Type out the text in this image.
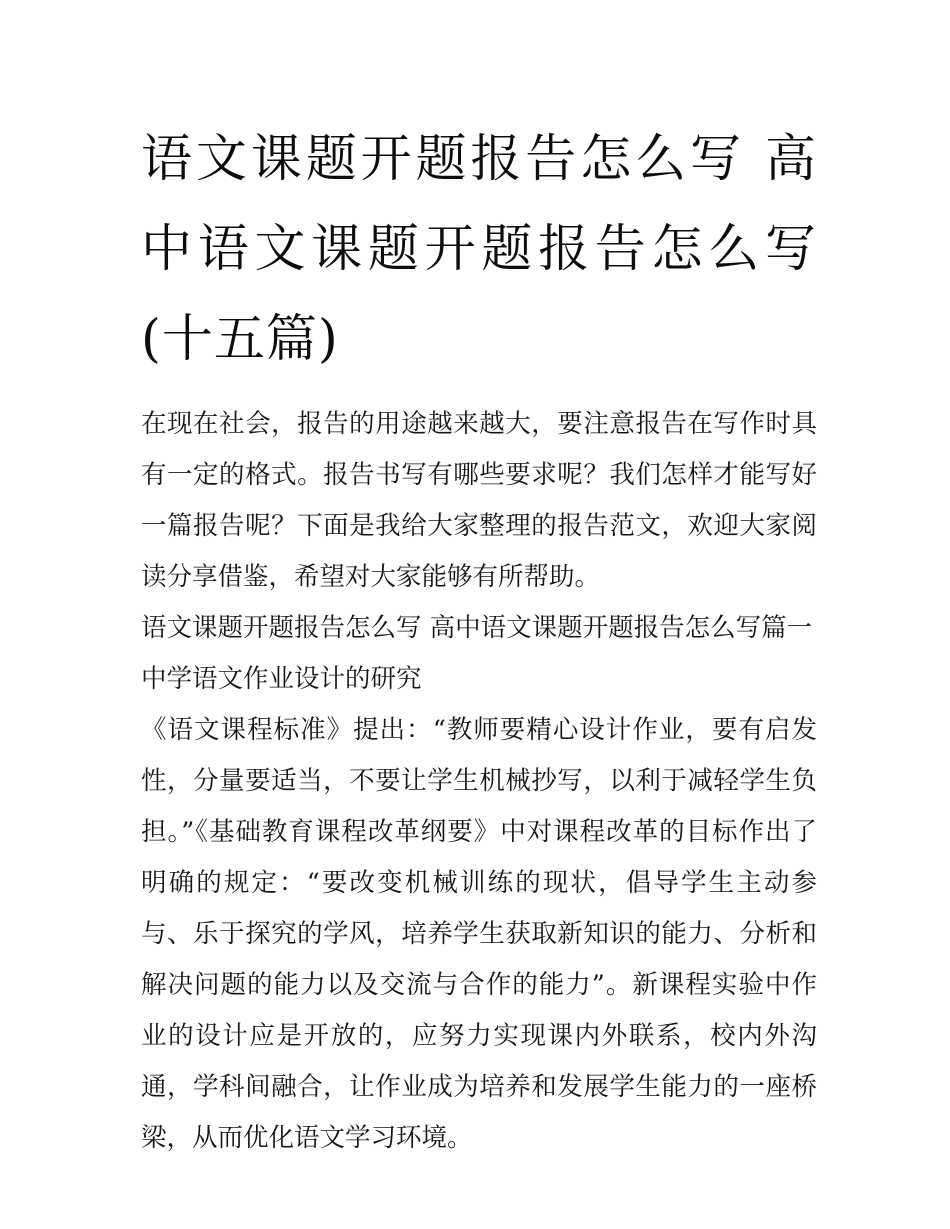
语文课题开题报告怎么写 高中语文课题开题报告怎么写(十五篇)

在现在社会，报告的用途越来越大，要注意报告在写作时具有一定的格式。报告书写有哪些要求呢？我们怎样才能写好一篇报告呢？下面是我给大家整理的报告范文，欢迎大家阅读分享借鉴，希望对大家能够有所帮助。

语文课题开题报告怎么写 高中语文课题开题报告怎么写篇一

中学语文作业设计的研究

《语文课程标准》提出：“教师要精心设计作业，要有启发性，分量要适当，不要让学生机械抄写，以利于减轻学生负担。”《基础教育课程改革纲要》中对课程改革的目标作出了明确的规定：“要改变机械训练的现状，倡导学生主动参与、乐于探究的学风，培养学生获取新知识的能力、分析和解决问题的能力以及交流与合作的能力”。新课程实验中作业的设计应是开放的，应努力实现课内外联系，校内外沟通，学科间融合，让作业成为培养和发展学生能力的一座桥梁，从而优化语文学习环境。
